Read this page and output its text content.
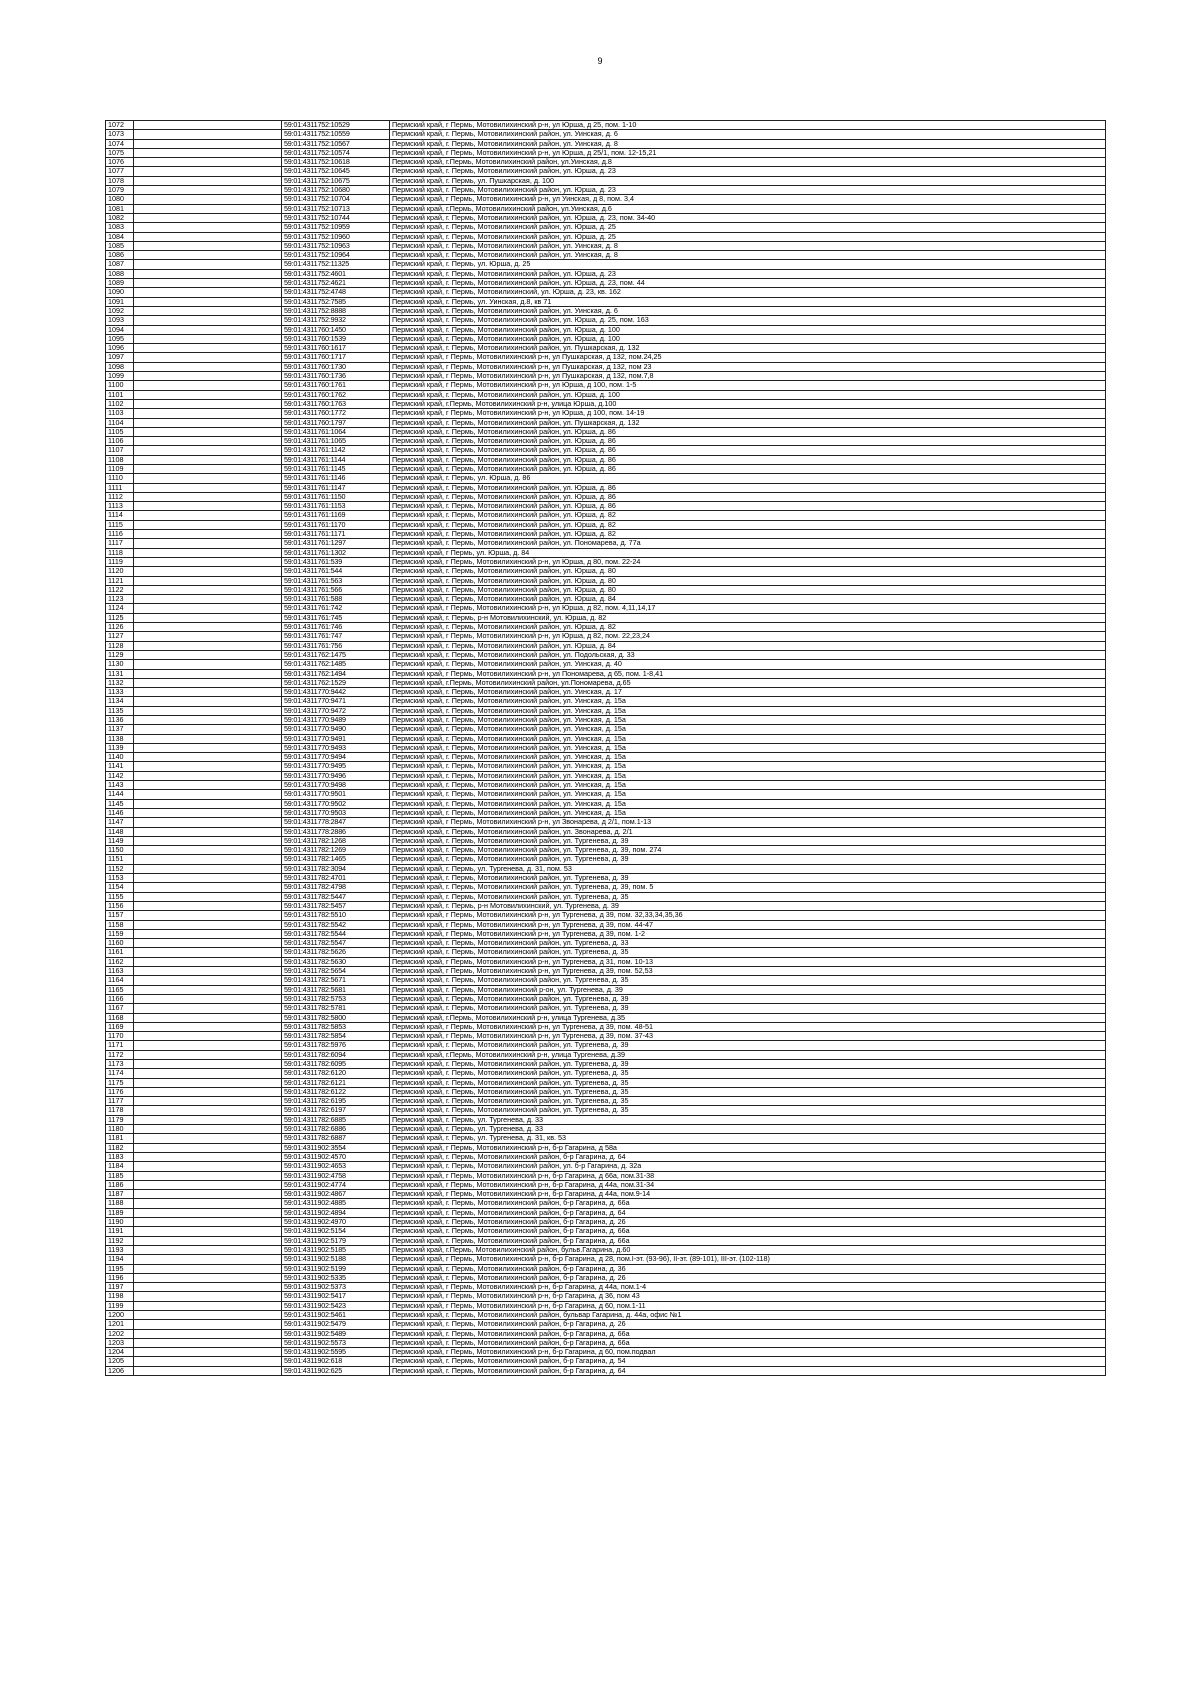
9
1072		59:01:4311752:10529	Пермский край, г Пермь, Мотовилихинский р-н, ул Юрша, д 25, пом. 1-10
1073		59:01:4311752:10559	Пермский край, г. Пермь, Мотовилихинский район, ул. Уинская, д. 6
1074		59:01:4311752:10567	Пермский край, г. Пермь, Мотовилихинский район, ул. Уинская, д. 8
1075		59:01:4311752:10574	Пермский край, г Пермь, Мотовилихинский р-н, ул Юрша, д 25/1, пом. 12-15,21
1076		59:01:4311752:10618	Пермский край, г.Пермь, Мотовилихинский район, ул.Уинская, д.8
1077		59:01:4311752:10645	Пермский край, г. Пермь, Мотовилихинский район, ул. Юрша, д. 23
1078		59:01:4311752:10675	Пермский край, г. Пермь, ул. Пушкарская, д. 100
1079		59:01:4311752:10680	Пермский край, г. Пермь, Мотовилихинский район, ул. Юрша, д. 23
1080		59:01:4311752:10704	Пермский край, г Пермь, Мотовилихинский р-н, ул Уинская, д 8, пом. 3,4
1081		59:01:4311752:10713	Пермский край, г.Пермь, Мотовилихинский район, ул.Уинская, д.6
1082		59:01:4311752:10744	Пермский край, г. Пермь, Мотовилихинский район, ул. Юрша, д. 23, пом. 34-40
1083		59:01:4311752:10959	Пермский край, г. Пермь, Мотовилихинский район, ул. Юрша, д. 25
1084		59:01:4311752:10960	Пермский край, г. Пермь, Мотовилихинский район, ул. Юрша, д. 25
1085		59:01:4311752:10963	Пермский край, г. Пермь, Мотовилихинский район, ул. Уинская, д. 8
1086		59:01:4311752:10964	Пермский край, г. Пермь, Мотовилихинский район, ул. Уинская, д. 8
1087		59:01:4311752:11325	Пермский край, г. Пермь, ул. Юрша, д. 25
1088		59:01:4311752:4601	Пермский край, г. Пермь, Мотовилихинский район, ул. Юрша, д. 23
1089		59:01:4311752:4621	Пермский край, г. Пермь, Мотовилихинский район, ул. Юрша, д. 23, пом. 44
1090		59:01:4311752:4748	Пермский край, г. Пермь, Мотовилихинский, ул. Юрша, д. 23, кв. 162
1091		59:01:4311752:7585	Пермский край, г. Пермь, ул. Уинская, д.8, кв 71
1092		59:01:4311752:8888	Пермский край, г. Пермь, Мотовилихинский район, ул. Уинская, д. 6
1093		59:01:4311752:9932	Пермский край, г. Пермь, Мотовилихинский район, ул. Юрша, д. 25, пом. 163
1094		59:01:4311760:1450	Пермский край, г. Пермь, Мотовилихинский район, ул. Юрша, д. 100
1095		59:01:4311760:1539	Пермский край, г. Пермь, Мотовилихинский район, ул. Юрша, д. 100
1096		59:01:4311760:1617	Пермский край, г. Пермь, Мотовилихинский район, ул. Пушкарская, д. 132
1097		59:01:4311760:1717	Пермский край, г Пермь, Мотовилихинский р-н, ул Пушкарская, д 132, пом.24,25
1098		59:01:4311760:1730	Пермский край, г Пермь, Мотовилихинский р-н, ул Пушкарская, д 132, пом 23
1099		59:01:4311760:1736	Пермский край, г Пермь, Мотовилихинский р-н, ул Пушкарская, д 132, пом.7,8
1100		59:01:4311760:1761	Пермский край, г Пермь, Мотовилихинский р-н, ул Юрша, д 100, пом. 1-5
1101		59:01:4311760:1762	Пермский край, г. Пермь, Мотовилихинский район, ул. Юрша, д. 100
1102		59:01:4311760:1763	Пермский край, г.Пермь, Мотовилихинский р-н, улица Юрша, д.100
1103		59:01:4311760:1772	Пермский край, г Пермь, Мотовилихинский р-н, ул Юрша, д 100, пом. 14-19
1104		59:01:4311760:1797	Пермский край, г. Пермь, Мотовилихинский район, ул. Пушкарская, д. 132
1105		59:01:4311761:1064	Пермский край, г. Пермь, Мотовилихинский район, ул. Юрша, д. 86
1106		59:01:4311761:1065	Пермский край, г. Пермь, Мотовилихинский район, ул. Юрша, д. 86
1107		59:01:4311761:1142	Пермский край, г. Пермь, Мотовилихинский район, ул. Юрша, д. 86
1108		59:01:4311761:1144	Пермский край, г. Пермь, Мотовилихинский район, ул. Юрша, д. 86
1109		59:01:4311761:1145	Пермский край, г. Пермь, Мотовилихинский район, ул. Юрша, д. 86
1110		59:01:4311761:1146	Пермский край, г. Пермь, ул. Юрша, д. 86
1111		59:01:4311761:1147	Пермский край, г. Пермь, Мотовилихинский район, ул. Юрша, д. 86
1112		59:01:4311761:1150	Пермский край, г. Пермь, Мотовилихинский район, ул. Юрша, д. 86
1113		59:01:4311761:1153	Пермский край, г. Пермь, Мотовилихинский район, ул. Юрша, д. 86
1114		59:01:4311761:1169	Пермский край, г. Пермь, Мотовилихинский район, ул. Юрша, д. 82
1115		59:01:4311761:1170	Пермский край, г. Пермь, Мотовилихинский район, ул. Юрша, д. 82
1116		59:01:4311761:1171	Пермский край, г. Пермь, Мотовилихинский район, ул. Юрша, д. 82
1117		59:01:4311761:1297	Пермский край, г. Пермь, Мотовилихинский район, ул. Пономарева, д. 77а
1118		59:01:4311761:1302	Пермский край, г Пермь, ул. Юрша, д. 84
1119		59:01:4311761:539	Пермский край, г Пермь, Мотовилихинский р-н, ул Юрша, д 80, пом. 22-24
1120		59:01:4311761:544	Пермский край, г. Пермь, Мотовилихинский район, ул. Юрша, д. 80
1121		59:01:4311761:563	Пермский край, г. Пермь, Мотовилихинский район, ул. Юрша, д. 80
1122		59:01:4311761:566	Пермский край, г. Пермь, Мотовилихинский район, ул. Юрша, д. 80
1123		59:01:4311761:588	Пермский край, г. Пермь, Мотовилихинский район, ул. Юрша, д. 84
1124		59:01:4311761:742	Пермский край, г Пермь, Мотовилихинский р-н, ул Юрша, д 82, пом. 4,11,14,17
1125		59:01:4311761:745	Пермский край, г. Пермь, р-н Мотовилихинский, ул. Юрша, д. 82
1126		59:01:4311761:746	Пермский край, г. Пермь, Мотовилихинский район, ул. Юрша, д. 82
1127		59:01:4311761:747	Пермский край, г Пермь, Мотовилихинский р-н, ул Юрша, д 82, пом. 22,23,24
1128		59:01:4311761:756	Пермский край, г. Пермь, Мотовилихинский район, ул. Юрша, д. 84
1129		59:01:4311762:1475	Пермский край, г. Пермь, Мотовилихинский район, ул. Подольская, д. 33
1130		59:01:4311762:1485	Пермский край, г. Пермь, Мотовилихинский район, ул. Уинская, д. 40
1131		59:01:4311762:1494	Пермский край, г Пермь, Мотовилихинский р-н, ул Пономарева, д 65, пом. 1-8,41
1132		59:01:4311762:1529	Пермский край, г.Пермь, Мотовилихинский район, ул.Пономарева, д.65
1133		59:01:4311770:9442	Пермский край, г. Пермь, Мотовилихинский район, ул. Уинская, д. 17
1134		59:01:4311770:9471	Пермский край, г. Пермь, Мотовилихинский район, ул. Уинская, д. 15а
1135		59:01:4311770:9472	Пермский край, г. Пермь, Мотовилихинский район, ул. Уинская, д. 15а
1136		59:01:4311770:9489	Пермский край, г. Пермь, Мотовилихинский район, ул. Уинская, д. 15а
1137		59:01:4311770:9490	Пермский край, г. Пермь, Мотовилихинский район, ул. Уинская, д. 15а
1138		59:01:4311770:9491	Пермский край, г. Пермь, Мотовилихинский район, ул. Уинская, д. 15а
1139		59:01:4311770:9493	Пермский край, г. Пермь, Мотовилихинский район, ул. Уинская, д. 15а
1140		59:01:4311770:9494	Пермский край, г. Пермь, Мотовилихинский район, ул. Уинская, д. 15а
1141		59:01:4311770:9495	Пермский край, г. Пермь, Мотовилихинский район, ул. Уинская, д. 15а
1142		59:01:4311770:9496	Пермский край, г. Пермь, Мотовилихинский район, ул. Уинская, д. 15а
1143		59:01:4311770:9498	Пермский край, г. Пермь, Мотовилихинский район, ул. Уинская, д. 15а
1144		59:01:4311770:9501	Пермский край, г. Пермь, Мотовилихинский район, ул. Уинская, д. 15а
1145		59:01:4311770:9502	Пермский край, г. Пермь, Мотовилихинский район, ул. Уинская, д. 15а
1146		59:01:4311770:9503	Пермский край, г. Пермь, Мотовилихинский район, ул. Уинская, д. 15а
1147		59:01:4311778:2847	Пермский край, г Пермь, Мотовилихинский р-н, ул Звонарева, д 2/1, пом.1-13
1148		59:01:4311778:2886	Пермский край, г. Пермь, Мотовилихинский район, ул. Звонарева, д. 2/1
1149		59:01:4311782:1268	Пермский край, г. Пермь, Мотовилихинский район, ул. Тургенева, д. 39
1150		59:01:4311782:1269	Пермский край, г. Пермь, Мотовилихинский район, ул. Тургенева, д. 39, пом. 274
1151		59:01:4311782:1465	Пермский край, г. Пермь, Мотовилихинский район, ул. Тургенева, д. 39
1152		59:01:4311782:3094	Пермский край, г. Пермь, ул. Тургенева, д. 31, пом. 53
1153		59:01:4311782:4701	Пермский край, г. Пермь, Мотовилихинский район, ул. Тургенева, д. 39
1154		59:01:4311782:4798	Пермский край, г. Пермь, Мотовилихинский район, ул. Тургенева, д. 39, пом. 5
1155		59:01:4311782:5447	Пермский край, г. Пермь, Мотовилихинский район, ул. Тургенева, д. 35
1156		59:01:4311782:5457	Пермский край, г. Пермь, р-н Мотовилихинский, ул. Тургенева, д. 39
1157		59:01:4311782:5510	Пермский край, г Пермь, Мотовилихинский р-н, ул Тургенева, д 39, пом. 32,33,34,35,36
1158		59:01:4311782:5542	Пермский край, г Пермь, Мотовилихинский р-н, ул Тургенева, д 39, пом. 44-47
1159		59:01:4311782:5544	Пермский край, г Пермь, Мотовилихинский р-н, ул Тургенева, д 39, пом. 1-2
1160		59:01:4311782:5547	Пермский край, г. Пермь, Мотовилихинский район, ул. Тургенева, д. 33
1161		59:01:4311782:5626	Пермский край, г. Пермь, Мотовилихинский район, ул. Тургенева, д. 35
1162		59:01:4311782:5630	Пермский край, г Пермь, Мотовилихинский р-н, ул Тургенева, д 31, пом. 10-13
1163		59:01:4311782:5654	Пермский край, г Пермь, Мотовилихинский р-н, ул Тургенева, д 39, пом. 52,53
1164		59:01:4311782:5671	Пермский край, г. Пермь, Мотовилихинский район, ул. Тургенева, д. 35
1165		59:01:4311782:5681	Пермский край, г. Пермь, Мотовилихинский р-он, ул. Тургенева, д. 39
1166		59:01:4311782:5753	Пермский край, г. Пермь, Мотовилихинский район, ул. Тургенева, д. 39
1167		59:01:4311782:5781	Пермский край, г. Пермь, Мотовилихинский район, ул. Тургенева, д. 39
1168		59:01:4311782:5800	Пермский край, г.Пермь, Мотовилихинский р-н, улица Тургенева, д.35
1169		59:01:4311782:5853	Пермский край, г Пермь, Мотовилихинский р-н, ул Тургенева, д 39, пом. 48-51
1170		59:01:4311782:5854	Пермский край, г Пермь, Мотовилихинский р-н, ул Тургенева, д 39, пом. 37-43
1171		59:01:4311782:5976	Пермский край, г. Пермь, Мотовилихинский район, ул. Тургенева, д. 39
1172		59:01:4311782:6094	Пермский край, г.Пермь, Мотовилихинский р-н, улица Тургенева, д.39
1173		59:01:4311782:6095	Пермский край, г. Пермь, Мотовилихинский район, ул. Тургенева, д. 39
1174		59:01:4311782:6120	Пермский край, г. Пермь, Мотовилихинский район, ул. Тургенева, д. 35
1175		59:01:4311782:6121	Пермский край, г. Пермь, Мотовилихинский район, ул. Тургенева, д. 35
1176		59:01:4311782:6122	Пермский край, г. Пермь, Мотовилихинский район, ул. Тургенева, д. 35
1177		59:01:4311782:6195	Пермский край, г. Пермь, Мотовилихинский район, ул. Тургенева, д. 35
1178		59:01:4311782:6197	Пермский край, г. Пермь, Мотовилихинский район, ул. Тургенева, д. 35
1179		59:01:4311782:6885	Пермский край, г. Пермь, ул. Тургенева, д. 33
1180		59:01:4311782:6886	Пермский край, г. Пермь, ул. Тургенева, д. 33
1181		59:01:4311782:6887	Пермский край, г. Пермь, ул. Тургенева, д. 31, кв. 53
1182		59:01:4311902:3554	Пермский край, г Пермь, Мотовилихинский р-н, б-р Гагарина, д 58а
1183		59:01:4311902:4570	Пермский край, г. Пермь, Мотовилихинский район, б-р Гагарина, д. 64
1184		59:01:4311902:4653	Пермский край, г. Пермь, Мотовилихинский район, ул. б-р Гагарина, д. 32а
1185		59:01:4311902:4758	Пермский край, г Пермь, Мотовилихинский р-н, б-р Гагарина, д 66а, пом.31-38
1186		59:01:4311902:4774	Пермский край, г Пермь, Мотовилихинский р-н, б-р Гагарина, д 44а, пом.31-34
1187		59:01:4311902:4867	Пермский край, г Пермь, Мотовилихинский р-н, б-р Гагарина, д 44а, пом.9-14
1188		59:01:4311902:4885	Пермский край, г. Пермь, Мотовилихинский район, б-р Гагарина, д. 66а
1189		59:01:4311902:4894	Пермский край, г. Пермь, Мотовилихинский район, б-р Гагарина, д. 64
1190		59:01:4311902:4970	Пермский край, г. Пермь, Мотовилихинский район, б-р Гагарина, д. 26
1191		59:01:4311902:5154	Пермский край, г. Пермь, Мотовилихинский район, б-р Гагарина, д. 66а
1192		59:01:4311902:5179	Пермский край, г. Пермь, Мотовилихинский район, б-р Гагарина, д. 66а
1193		59:01:4311902:5185	Пермский край, г.Пермь, Мотовилихинский район, бульв.Гагарина, д.60
1194		59:01:4311902:5188	Пермский край, г Пермь, Мотовилихинский р-н, б-р Гагарина, д 28, пом.I-эт. (93-96), II-эт. (89-101), III-эт. (102-118)
1195		59:01:4311902:5199	Пермский край, г. Пермь, Мотовилихинский район, б-р Гагарина, д. 36
1196		59:01:4311902:5335	Пермский край, г. Пермь, Мотовилихинский район, б-р Гагарина, д. 26
1197		59:01:4311902:5373	Пермский край, г Пермь, Мотовилихинский р-н, б-р Гагарина, д 44а, пом.1-4
1198		59:01:4311902:5417	Пермский край, г Пермь, Мотовилихинский р-н, б-р Гагарина, д 36, пом 43
1199		59:01:4311902:5423	Пермский край, г Пермь, Мотовилихинский р-н, б-р Гагарина, д 60, пом.1-11
1200		59:01:4311902:5461	Пермский край, г. Пермь, Мотовилихинский район, бульвар Гагарина, д. 44а, офис №1
1201		59:01:4311902:5479	Пермский край, г. Пермь, Мотовилихинский район, б-р Гагарина, д. 26
1202		59:01:4311902:5489	Пермский край, г. Пермь, Мотовилихинский район, б-р Гагарина, д. 66а
1203		59:01:4311902:5573	Пермский край, г. Пермь, Мотовилихинский район, б-р Гагарина, д. 66а
1204		59:01:4311902:5595	Пермский край, г Пермь, Мотовилихинский р-н, б-р Гагарина, д 60, пом.подвал
1205		59:01:4311902:618	Пермский край, г. Пермь, Мотовилихинский район, б-р Гагарина, д. 54
1206		59:01:4311902:625	Пермский край, г. Пермь, Мотовилихинский район, б-р Гагарина, д. 64
